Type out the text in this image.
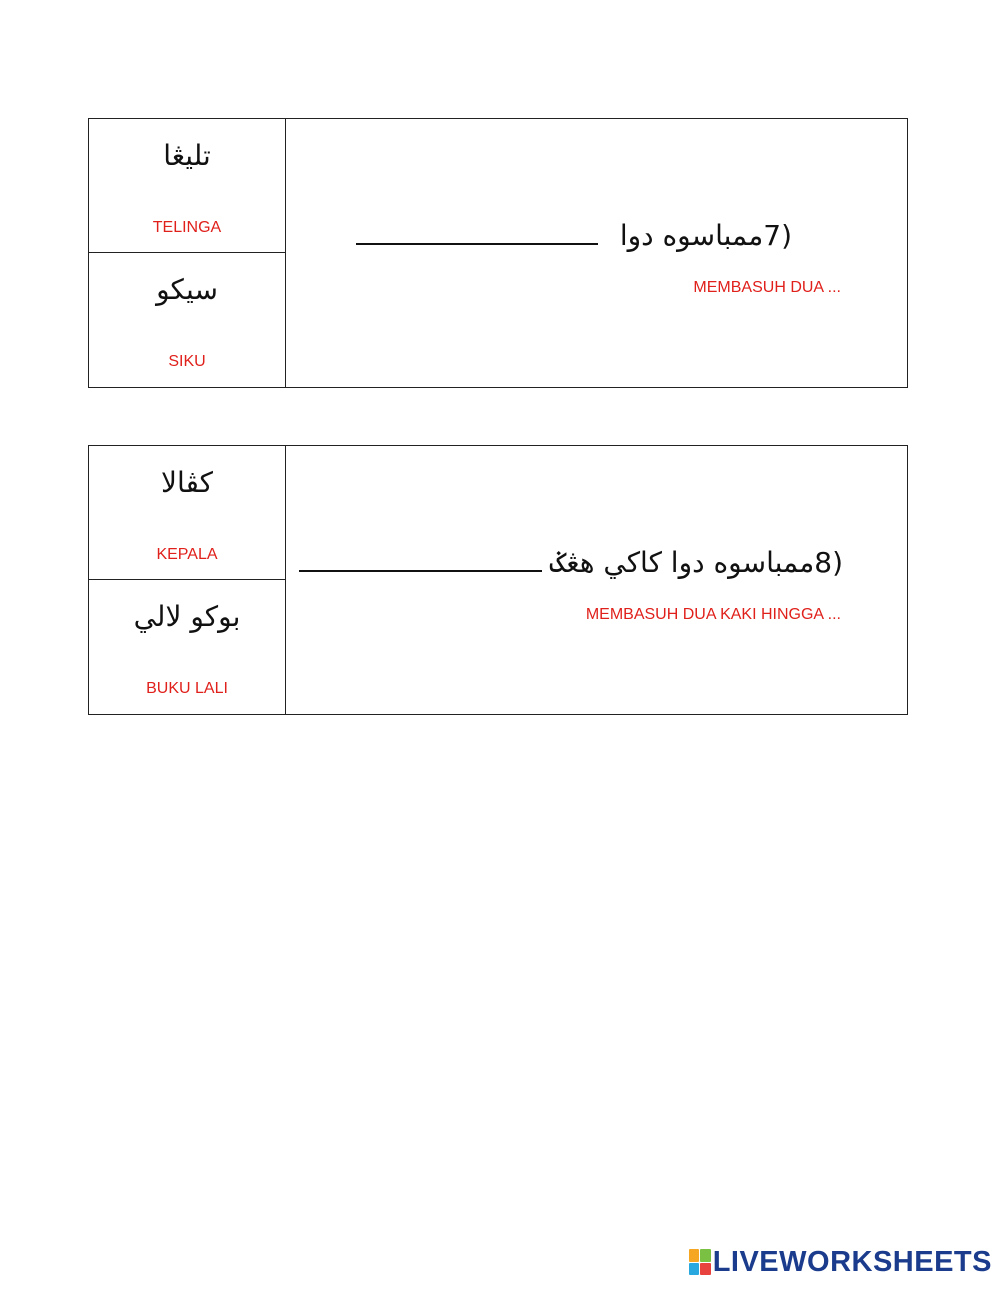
تليڠا
TELINGA
سيکو
SIKU
ممباسوه دوا7)
MEMBASUH DUA ...
کڤالا
KEPALA
بوکو لالي
BUKU LALI
ممباسوه دوا کاکي هڠݢ8)
MEMBASUH DUA KAKI HINGGA ...
LIVEWORKSHEETS
